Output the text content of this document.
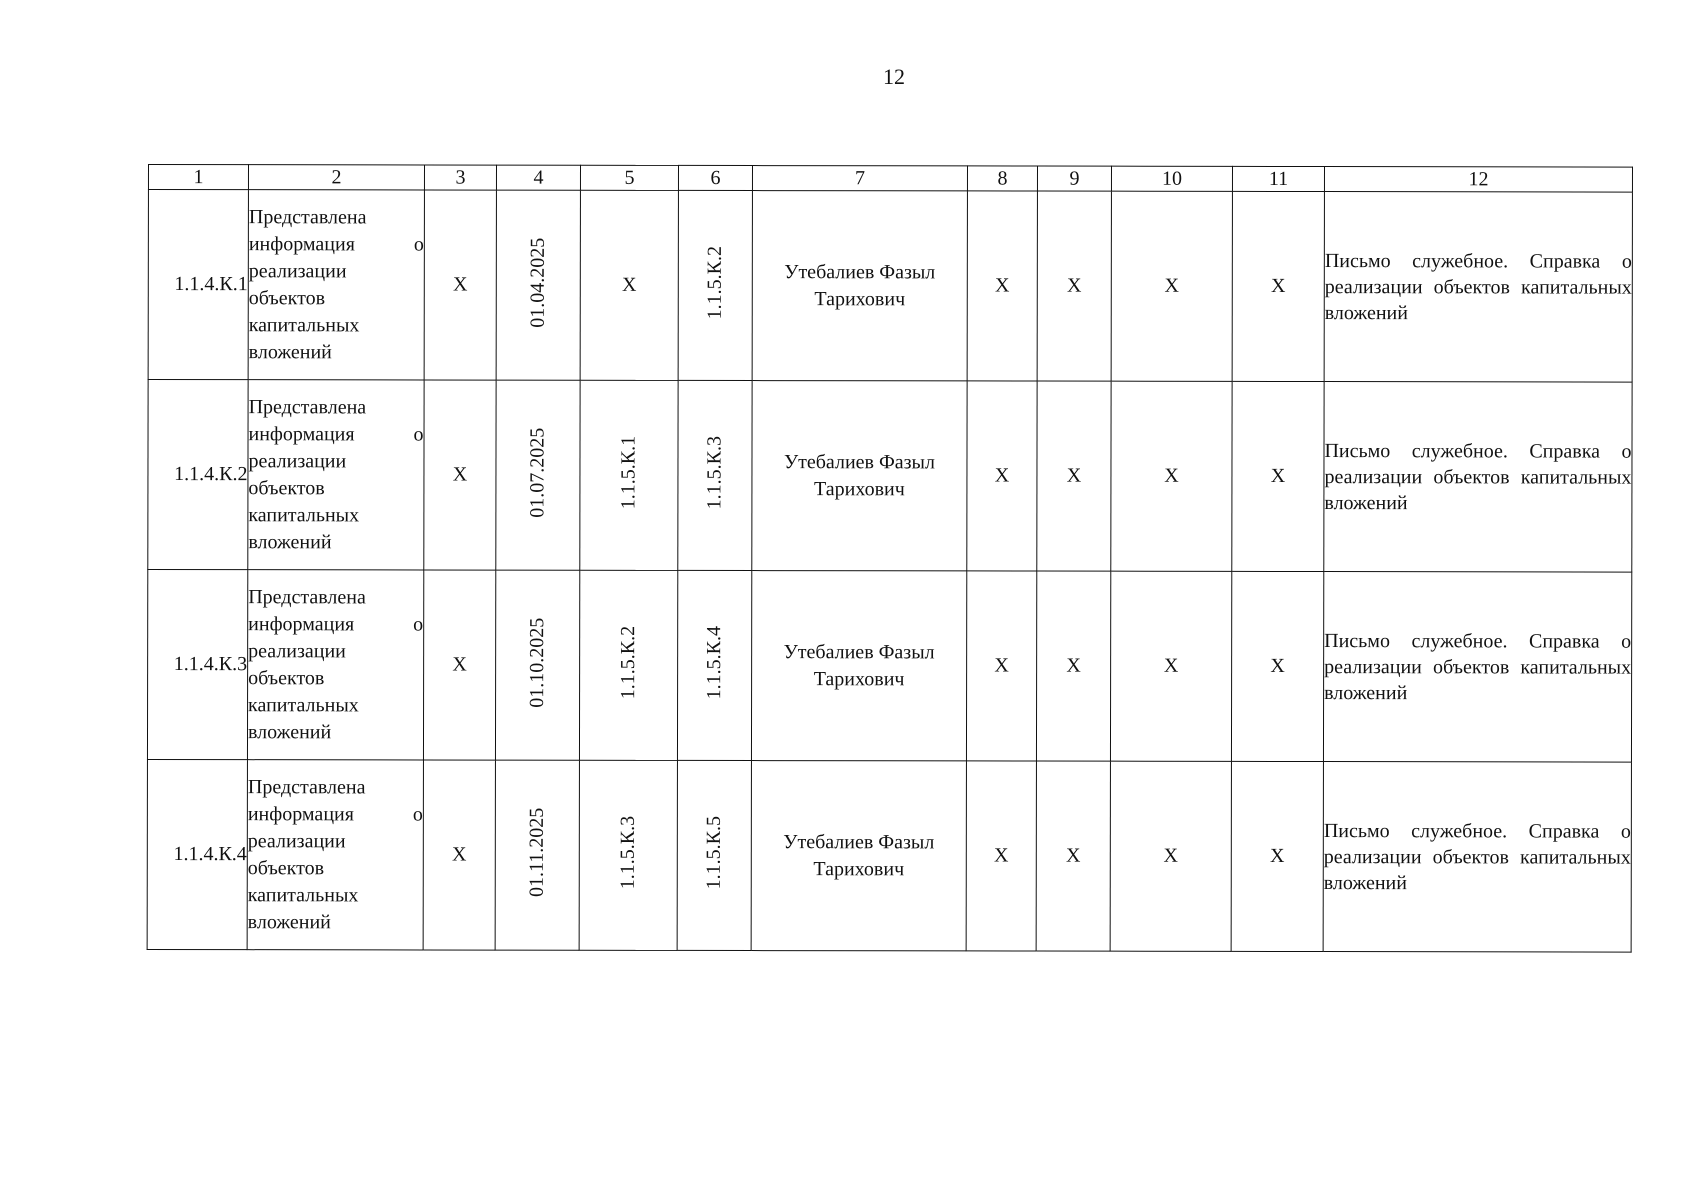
12
1	2	3	4	5	6	7	8	9	10	11	12
1.1.4.К.1	Представлена информация о реализации объектов капитальных вложений	X	01.04.2025	X	1.1.5.К.2	Утебалиев Фазыл Тарихович	X	X	X	X	Письмо служебное. Справка о реализации объектов капитальных вложений
1.1.4.К.2	Представлена информация о реализации объектов капитальных вложений	X	01.07.2025	1.1.5.К.1	1.1.5.К.3	Утебалиев Фазыл Тарихович	X	X	X	X	Письмо служебное. Справка о реализации объектов капитальных вложений
1.1.4.К.3	Представлена информация о реализации объектов капитальных вложений	X	01.10.2025	1.1.5.К.2	1.1.5.К.4	Утебалиев Фазыл Тарихович	X	X	X	X	Письмо служебное. Справка о реализации объектов капитальных вложений
1.1.4.К.4	Представлена информация о реализации объектов капитальных вложений	X	01.11.2025	1.1.5.К.3	1.1.5.К.5	Утебалиев Фазыл Тарихович	X	X	X	X	Письмо служебное. Справка о реализации объектов капитальных вложений
